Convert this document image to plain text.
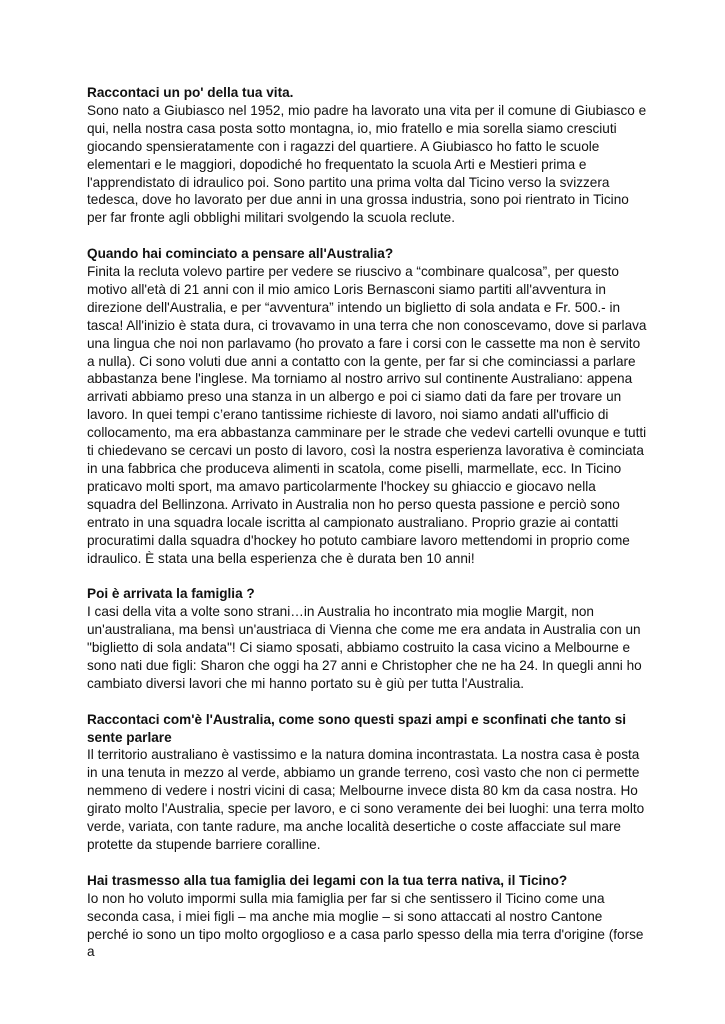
Raccontaci un po' della tua vita.

Sono nato a Giubiasco nel 1952, mio padre ha lavorato una vita per il comune di Giubiasco e qui, nella nostra casa posta sotto montagna, io, mio fratello e mia sorella siamo cresciuti giocando spensieratamente con i ragazzi del quartiere. A Giubiasco ho fatto le scuole elementari e le maggiori, dopodiché ho frequentato la scuola Arti e Mestieri prima e l'apprendistato di idraulico poi. Sono partito una prima volta dal Ticino verso la svizzera tedesca, dove ho lavorato per due anni in una grossa industria, sono poi rientrato in Ticino per far fronte agli obblighi militari svolgendo la scuola reclute.

Quando hai cominciato a pensare all'Australia?

Finita la recluta volevo partire per vedere se riuscivo a “combinare qualcosa”, per questo motivo all'età di 21 anni con il mio amico Loris Bernasconi siamo partiti all'avventura in direzione dell'Australia, e per “avventura” intendo un biglietto di sola andata e Fr. 500.- in tasca! All'inizio è stata dura, ci trovavamo in una terra che non conoscevamo, dove si parlava una lingua che noi non parlavamo (ho provato a fare i corsi con le cassette ma non è servito a nulla). Ci sono voluti due anni a contatto con la gente, per far si che cominciassi a parlare abbastanza bene l'inglese. Ma torniamo al nostro arrivo sul continente Australiano: appena arrivati abbiamo preso una stanza in un albergo e poi ci siamo dati da fare per trovare un lavoro. In quei tempi c’erano tantissime richieste di lavoro, noi siamo andati all'ufficio di collocamento, ma era abbastanza camminare per le strade che vedevi cartelli ovunque e tutti ti chiedevano se cercavi un posto di lavoro, così la nostra esperienza lavorativa è cominciata in una fabbrica che produceva alimenti in scatola, come piselli, marmellate, ecc. In Ticino praticavo molti sport, ma amavo particolarmente l'hockey su ghiaccio e giocavo nella squadra del Bellinzona. Arrivato in Australia non ho perso questa passione e perciò sono entrato in una squadra locale iscritta al campionato australiano. Proprio grazie ai contatti procuratimi dalla squadra d'hockey ho potuto cambiare lavoro mettendomi in proprio come idraulico. È stata una bella esperienza che è durata ben 10 anni!

Poi è arrivata la famiglia ?

I casi della vita a volte sono strani…in Australia ho incontrato mia moglie Margit, non un'australiana, ma bensì un'austriaca di Vienna che come me era andata in Australia con un "biglietto di sola andata"! Ci siamo sposati, abbiamo costruito la casa vicino a Melbourne e sono nati due figli: Sharon che oggi ha 27 anni e Christopher che ne ha 24. In quegli anni ho cambiato diversi lavori che mi hanno portato su è giù per tutta l'Australia.

Raccontaci com'è l'Australia, come sono questi spazi ampi e sconfinati che tanto si sente parlare

Il territorio australiano è vastissimo e la natura domina incontrastata. La nostra casa è posta in una tenuta in mezzo al verde, abbiamo un grande terreno, così vasto che non ci permette nemmeno di vedere i nostri vicini di casa; Melbourne invece dista 80 km da casa nostra. Ho girato molto l'Australia, specie per lavoro, e ci sono veramente dei bei luoghi: una terra molto verde, variata, con tante radure, ma anche località desertiche o coste affacciate sul mare protette da stupende barriere coralline.

Hai trasmesso alla tua famiglia dei legami con la tua terra nativa, il Ticino?

Io non ho voluto impormi sulla mia famiglia per far si che sentissero il Ticino come una seconda casa, i miei figli – ma anche mia moglie – si sono attaccati al nostro Cantone perché io sono un tipo molto orgoglioso e a casa parlo spesso della mia terra d'origine (forse a
